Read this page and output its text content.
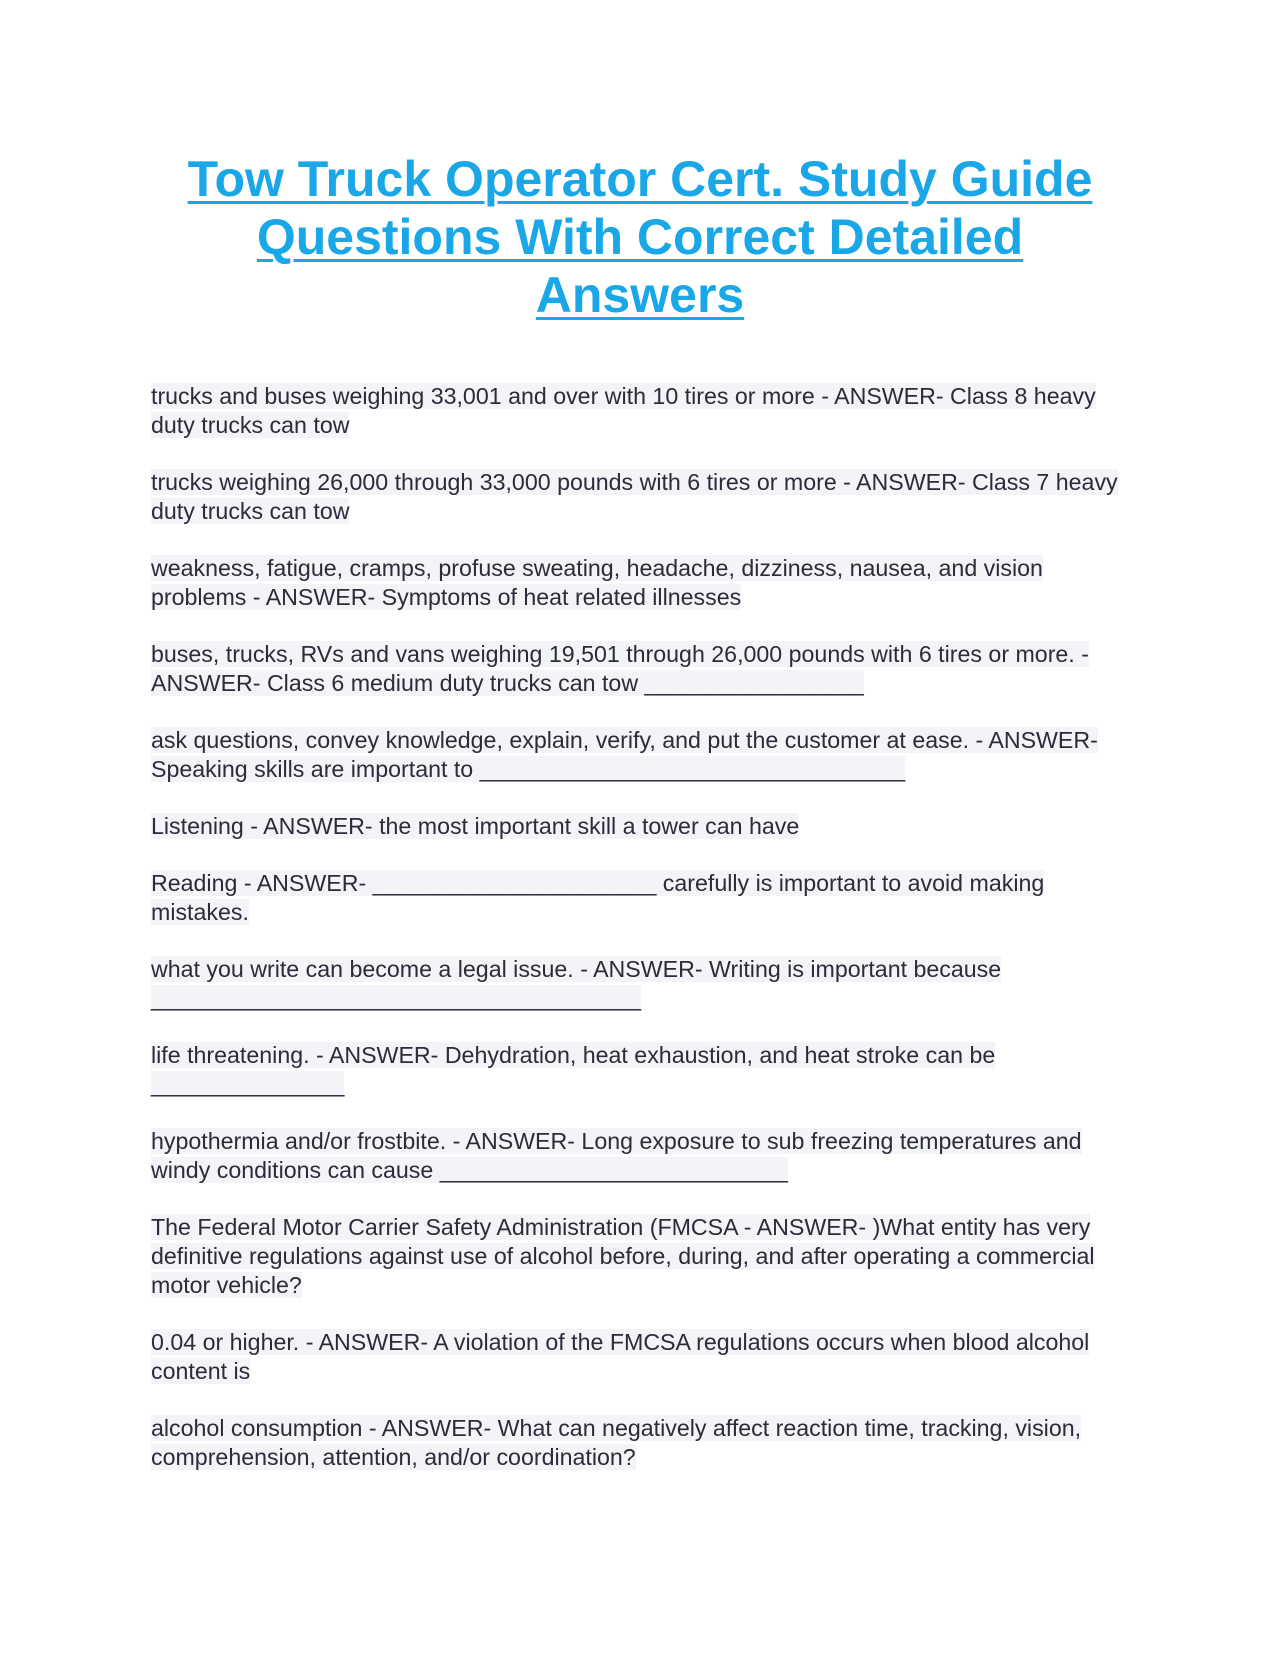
Tow Truck Operator Cert. Study Guide Questions With Correct Detailed Answers

trucks and buses weighing 33,001 and over with 10 tires or more - ANSWER- Class 8 heavy duty trucks can tow

trucks weighing 26,000 through 33,000 pounds with 6 tires or more - ANSWER- Class 7 heavy duty trucks can tow

weakness, fatigue, cramps, profuse sweating, headache, dizziness, nausea, and vision problems - ANSWER- Symptoms of heat related illnesses

buses, trucks, RVs and vans weighing 19,501 through 26,000 pounds with 6 tires or more. - ANSWER- Class 6 medium duty trucks can tow _________________

ask questions, convey knowledge, explain, verify, and put the customer at ease. - ANSWER- Speaking skills are important to _________________________________

Listening - ANSWER- the most important skill a tower can have

Reading - ANSWER- ______________________ carefully is important to avoid making mistakes.

what you write can become a legal issue. - ANSWER- Writing is important because ______________________________________

life threatening. - ANSWER- Dehydration, heat exhaustion, and heat stroke can be _______________

hypothermia and/or frostbite. - ANSWER- Long exposure to sub freezing temperatures and windy conditions can cause ___________________________

The Federal Motor Carrier Safety Administration (FMCSA - ANSWER- )What entity has very definitive regulations against use of alcohol before, during, and after operating a commercial motor vehicle?

0.04 or higher. - ANSWER- A violation of the FMCSA regulations occurs when blood alcohol content is

alcohol consumption - ANSWER- What can negatively affect reaction time, tracking, vision, comprehension, attention, and/or coordination?
